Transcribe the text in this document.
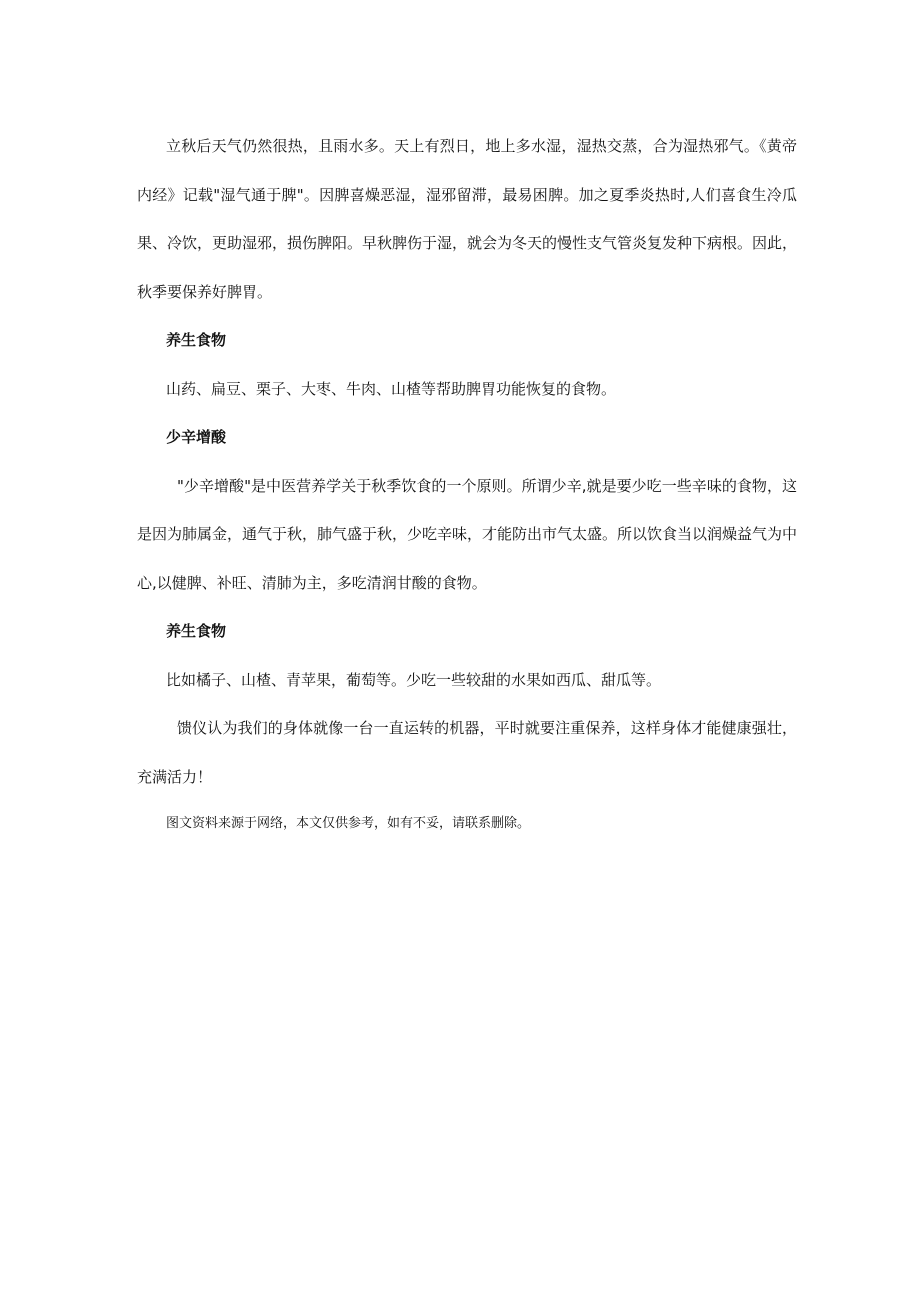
立秋后天气仍然很热，且雨水多。天上有烈日，地上多水湿，湿热交蒸，合为湿热邪气。《黄帝内经》记载"湿气通于脾"。因脾喜燥恶湿，湿邪留滞，最易困脾。加之夏季炎热时,人们喜食生冷瓜果、冷饮，更助湿邪，损伤脾阳。早秋脾伤于湿，就会为冬天的慢性支气管炎复发种下病根。因此，秋季要保养好脾胃。

养生食物

山药、扁豆、栗子、大枣、牛肉、山楂等帮助脾胃功能恢复的食物。

少辛增酸

"少辛增酸"是中医营养学关于秋季饮食的一个原则。所谓少辛,就是要少吃一些辛味的食物，这是因为肺属金，通气于秋，肺气盛于秋，少吃辛味，才能防出市气太盛。所以饮食当以润燥益气为中心,以健脾、补旺、清肺为主，多吃清润甘酸的食物。

养生食物

比如橘子、山楂、青苹果，葡萄等。少吃一些较甜的水果如西瓜、甜瓜等。

馈仪认为我们的身体就像一台一直运转的机器，平时就要注重保养，这样身体才能健康强壮，充满活力！

图文资料来源于网络，本文仅供参考，如有不妥，请联系删除。
